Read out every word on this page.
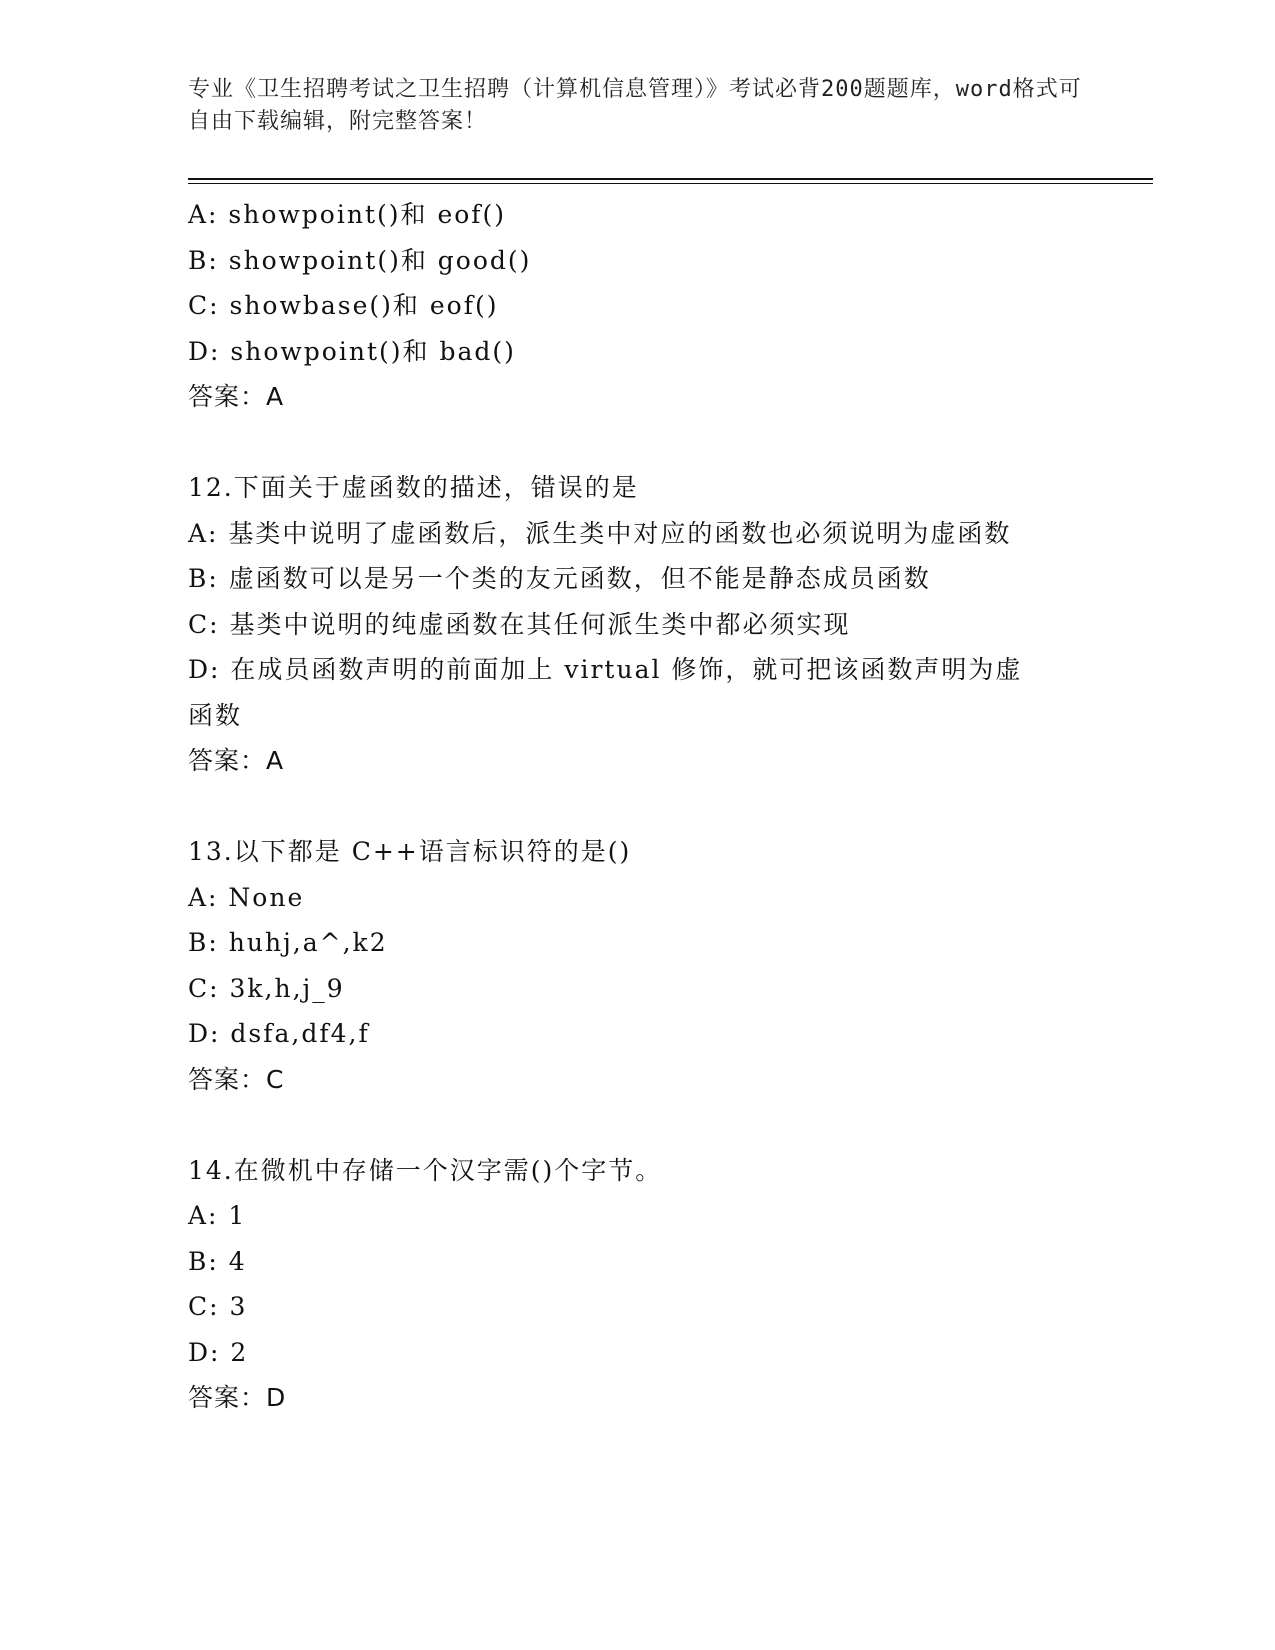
专业《卫生招聘考试之卫生招聘（计算机信息管理）》考试必背200题题库，word格式可自由下载编辑，附完整答案！
A: showpoint()和 eof()
B: showpoint()和 good()
C: showbase()和 eof()
D: showpoint()和 bad()
答案：A
12.下面关于虚函数的描述，错误的是
A: 基类中说明了虚函数后，派生类中对应的函数也必须说明为虚函数
B: 虚函数可以是另一个类的友元函数，但不能是静态成员函数
C: 基类中说明的纯虚函数在其任何派生类中都必须实现
D: 在成员函数声明的前面加上 virtual 修饰，就可把该函数声明为虚函数
答案：A
13.以下都是 C++语言标识符的是()
A: None
B: huhj,a^,k2
C: 3k,h,j_9
D: dsfa,df4,f
答案：C
14.在微机中存储一个汉字需()个字节。
A: 1
B: 4
C: 3
D: 2
答案：D
